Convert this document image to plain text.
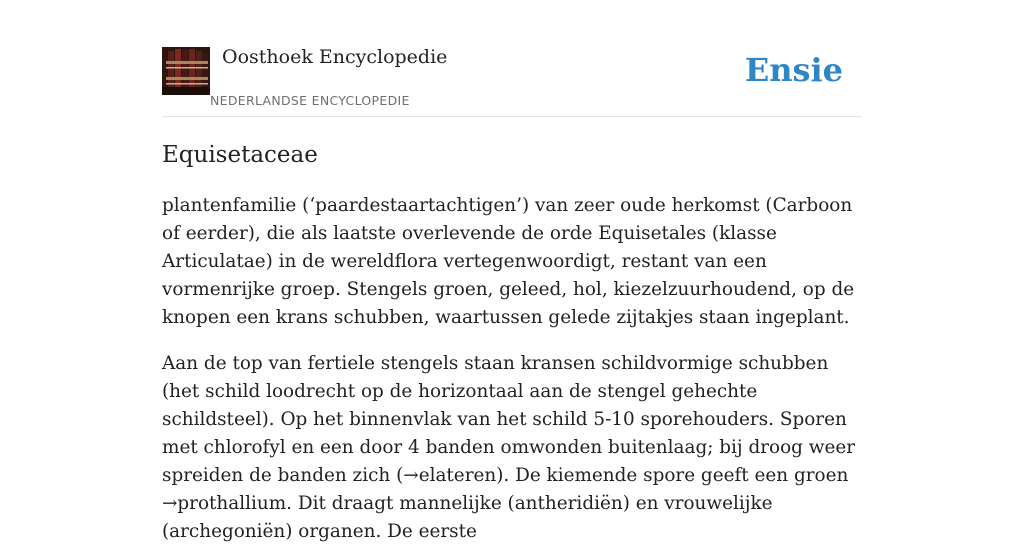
Oosthoek Encyclopedie
NEDERLANDSE ENCYCLOPEDIE
Ensie
Equisetaceae

plantenfamilie (‘paardestaartachtigen’) van zeer oude herkomst (Carboon of eerder), die als laatste overlevende de orde Equisetales (klasse Articulatae) in de wereldflora vertegenwoordigt, restant van een vormenrijke groep. Stengels groen, geleed, hol, kiezelzuurhoudend, op de knopen een krans schubben, waartussen gelede zijtakjes staan ingeplant.

Aan de top van fertiele stengels staan kransen schildvormige schubben (het schild loodrecht op de horizontaal aan de stengel gehechte schildsteel). Op het binnenvlak van het schild 5-10 sporehouders. Sporen met chlorofyl en een door 4 banden omwonden buitenlaag; bij droog weer spreiden de banden zich (→elateren). De kiemende spore geeft een groen →prothallium. Dit draagt mannelijke (antheridiën) en vrouwelijke (archegoniën) organen. De eerste
